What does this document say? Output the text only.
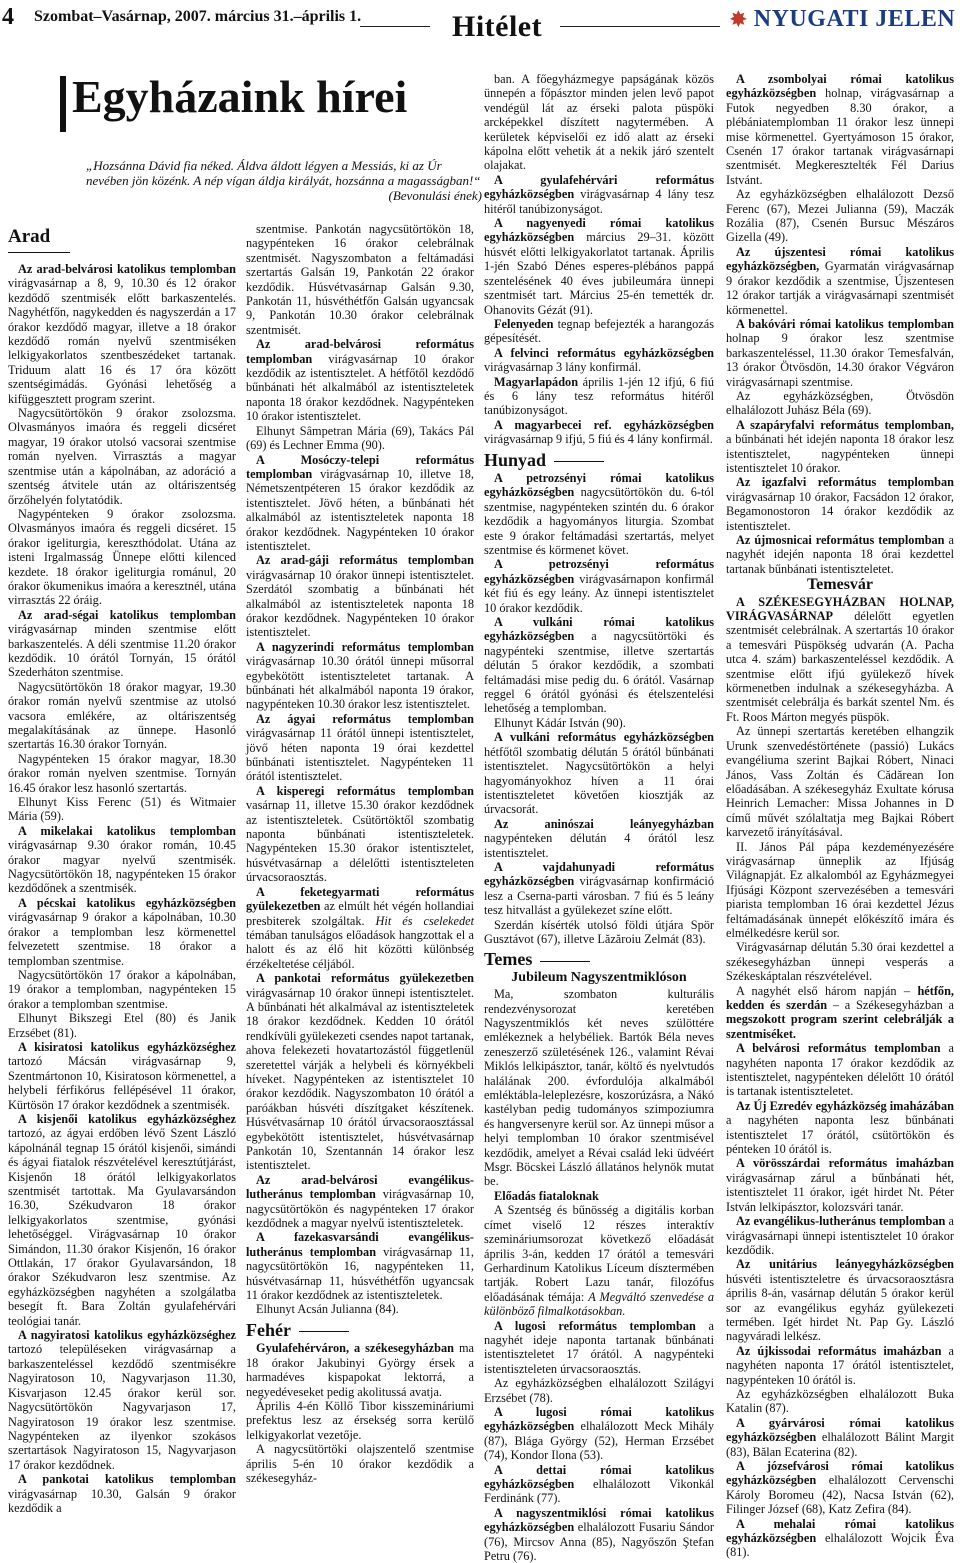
4 Szombat–Vasárnap, 2007. március 31.–április 1.	Hitélet	✸ NYUGATI JELEN
Egyházaink hírei
„Hozsánna Dávid fia néked. Áldva áldott légyen a Messiás, ki az Úr nevében jön közénk. A nép vígan áldja királyát, hozsánna a magasságban!“
(Bevonulási ének)
Arad

Az arad-belvárosi katolikus templomban virágvasárnap a 8, 9, 10.30 és 12 órakor kezdődő szentmisék előtt barkaszentelés. Nagyhétfőn, nagykedden és nagyszerdán a 17 órakor kezdődő magyar, illetve a 18 órakor kezdődő román nyelvű szentmiséken lelkigyakorlatos szentbeszédeket tartanak. Triduum alatt 16 és 17 óra között szentségimádás. Gyónási lehetőség a kifüggesztett program szerint.

Nagycsütörtökön 9 órakor zsolozsma. Olvasmányos imaóra és reggeli dicséret magyar, 19 órakor utolsó vacsorai szentmise román nyelven. Virrasztás a magyar szentmise után a kápolnában, az adoráció a szentség átvitele után az oltáriszentség őrzőhelyén folytatódik.

Nagypénteken 9 órakor zsolozsma. Olvasmányos imaóra és reggeli dicséret. 15 órakor igeliturgia, kereszthódolat. Utána az isteni Irgalmasság Ünnepe előtti kilenced kezdete. 18 órakor igeliturgia románul, 20 órakor ökumenikus imaóra a keresztnél, utána virrasztás 22 óráig.

Az arad-ségai katolikus templomban virágvasárnap minden szentmise előtt barkaszentelés. A déli szentmise 11.20 órakor kezdődik. 10 órától Tornyán, 15 órától Szederháton szentmise.

Nagycsütörtökön 18 órakor magyar, 19.30 órakor román nyelvű szentmise az utolsó vacsora emlékére, az oltáriszentség megalakításának az ünnepe. Hasonló szertartás 16.30 órakor Tornyán.

Nagypénteken 15 órakor magyar, 18.30 órakor román nyelven szentmise. Tornyán 16.45 órakor lesz hasonló szertartás.

Elhunyt Kiss Ferenc (51) és Witmaier Mária (59).

A mikelakai katolikus templomban virágvasárnap 9.30 órakor román, 10.45 órakor magyar nyelvű szentmisék. Nagycsütörtökön 18, nagypénteken 15 órakor kezdődőnek a szentmisék.

A pécskai katolikus egyházközségben virágvasárnap 9 órakor a kápolnában, 10.30 órakor a templomban lesz körmenettel felvezetett szentmise. 18 órakor a templomban szentmise.

Nagycsütörtökön 17 órakor a kápolnában, 19 órakor a templomban, nagypénteken 15 órakor a templomban szentmise.

Elhunyt Bikszegi Etel (80) és Janik Erzsébet (81).

A kisiratosi katolikus egyházközséghez tartozó Mácsán virágvasárnap 9, Szentmártonon 10, Kisiratoson körmenettel, a helybeli férfikórus fellépésével 11 órakor, Kürtösön 17 órakor kezdődnek a szentmisék.

A kisjenői katolikus egyházközséghez tartozó, az ágyai erdőben lévő Szent László kápolnánál tegnap 15 órától kisjenői, simándi és ágyai fiatalok részvételével keresztútjárást, Kisjenőn 18 órától lelkigyakorlatos szentmisét tartottak. Ma Gyulavarsándon 16.30, Székudvaron 18 órakor lelkigyakorlatos szentmise, gyónási lehetőséggel. Virágvasárnap 10 órakor Simándon, 11.30 órakor Kisjenőn, 16 órakor Ottlakán, 17 órakor Gyulavarsándon, 18 órakor Székudvaron lesz szentmise. Az egyházközségben nagyhéten a szolgálatba besegít ft. Bara Zoltán gyulafehérvári teológiai tanár.

A nagyiratosi katolikus egyházközséghez tartozó településeken virágvasárnap a barkaszenteléssel kezdődő szentmisékre Nagyiratoson 10, Nagyvarjason 11.30, Kisvarjason 12.45 órakor kerül sor. Nagycsütörtökön Nagyvarjason 17, Nagyiratoson 19 órakor lesz szentmise. Nagypénteken az ilyenkor szokásos szertartások Nagyiratoson 15, Nagyvarjason 17 órakor kezdődnek.

A pankotai katolikus templomban virágvasárnap 10.30, Galsán 9 órakor kezdődik a

szentmise. Pankotán nagycsütörtökön 18, nagypénteken 16 órakor celebrálnak szentmisét. Nagyszombaton a feltámadási szertartás Galsán 19, Pankotán 22 órakor kezdődik. Húsvétvasárnap Galsán 9.30, Pankotán 11, húsvéthétfőn Galsán ugyancsak 9, Pankotán 10.30 órakor celebrálnak szentmisét.

Az arad-belvárosi református templomban virágvasárnap 10 órakor kezdődik az istentisztelet. A hétfőtől kezdődő bűnbánati hét alkalmából az istentiszteletek naponta 18 órakor kezdődnek. Nagypénteken 10 órakor istentisztelet.

Elhunyt Sâmpetran Mária (69), Takács Pál (69) és Lechner Emma (90).

A Mosóczy-telepi református templomban virágvasárnap 10, illetve 18, Németszentpéteren 15 órakor kezdődik az istentisztelet. Jövő héten, a bűnbánati hét alkalmából az istentiszteletek naponta 18 órakor kezdődnek. Nagypénteken 10 órakor istentisztelet.

Az arad-gáji református templomban virágvasárnap 10 órakor ünnepi istentisztelet. Szerdától szombatig a bűnbánati hét alkalmából az istentiszteletek naponta 18 órakor kezdődnek. Nagypénteken 10 órakor istentisztelet.

A nagyzerindi református templomban virágvasárnap 10.30 órától ünnepi műsorral egybekötött istentiszteletet tartanak. A bűnbánati hét alkalmából naponta 19 órakor, nagypénteken 10.30 órakor lesz istentisztelet.

Az ágyai református templomban virágvasárnap 11 órától ünnepi istentisztelet, jövő héten naponta 19 órai kezdettel bűnbánati istentisztelet. Nagypénteken 11 órától istentisztelet.

A kisperegi református templomban vasárnap 11, illetve 15.30 órakor kezdődnek az istentiszteletek. Csütörtöktől szombatig naponta bűnbánati istentiszteletek. Nagypénteken 15.30 órakor istentisztelet, húsvétvasárnap a délelőtti istentiszteleten úrvacsoraosztás.

A feketegyarmati református gyülekezetben az elmúlt hét végén hollandiai presbiterek szolgáltak. Hit és cselekedet témában tanulságos előadások hangzottak el a halott és az élő hit közötti különbség érzékeltetése céljából.

A pankotai református gyülekezetben virágvasárnap 10 órakor ünnepi istentisztelet. A bűnbánati hét alkalmával az istentiszteletek 18 órakor kezdődnek. Kedden 10 órától rendkívüli gyülekezeti csendes napot tartanak, ahova felekezeti hovatartozástól függetlenül szeretettel várják a helybeli és környékbeli híveket. Nagypénteken az istentisztelet 10 órakor kezdődik. Nagyszombaton 10 órától a paróákban húsvéti díszítgaket készítenek. Húsvétvasárnap 10 órától úrvacsoraosztással egybekötött istentisztelet, húsvétvasárnap Pankotán 10, Szentannán 14 órakor lesz istentisztelet.

Az arad-belvárosi evangélikus-lutheránus templomban virágvasárnap 10, nagycsütörtökön és nagypénteken 17 órakor kezdődnek a magyar nyelvű istentiszteletek.

A fazekasvarsándi evangélikus-lutheránus templomban virágvasárnap 11, nagycsütörtökön 16, nagypénteken 11, húsvétvasárnap 11, húsvéthétfőn ugyancsak 11 órakor kezdődnek az istentiszteletek.

Elhunyt Acsán Julianna (84).

Fehér

Gyulafehérváron, a székesegyházban ma 18 órakor Jakubinyi György érsek a harmadéves kispapokat lektorrá, a negyedéveseket pedig akolitussá avatja.

Április 4-én Köllő Tibor kisszemináriumi prefektus lesz az érsekség sorra kerülő lelkigyakorlat vezetője.

A nagycsütörtöki olajszentelő szentmise április 5-én 10 órakor kezdődik a székesegyház-

ban. A főegyházmegye papságának közös ünnepén a főpásztor minden jelen levő papot vendégül lát az érseki palota püspöki arcképekkel díszített nagytermében. A kerületek képviselői ez idő alatt az érseki kápolna előtt vehetik át a nekik járó szentelt olajakat.

A gyulafehérvári református egyházközségben virágvasárnap 4 lány tesz hitéről tanúbizonyságot.

A nagyenyedi római katolikus egyházközségben március 29–31. között húsvét előtti lelkigyakorlatot tartanak. Április 1-jén Szabó Dénes esperes-plébános pappá szentelésének 40 éves jubileumára ünnepi szentmisét tart. Március 25-én temették dr. Ohanovits Gézát (91).

Felenyeden tegnap befejezték a harangozás gépesítését.

A felvinci református egyházközségben virágvasárnap 3 lány konfirmál.

Magyarlapádon április 1-jén 12 ifjú, 6 fiú és 6 lány tesz református hitéről tanúbizonyságot.

A magyarbecei ref. egyházközségben virágvasárnap 9 ifjú, 5 fiú és 4 lány konfirmál.

Hunyad

A petrozsényi római katolikus egyházközségben nagycsütörtökön du. 6-tól szentmise, nagypénteken szintén du. 6 órakor kezdődik a hagyományos liturgia. Szombat este 9 órakor feltámadási szertartás, melyet szentmise és körmenet követ.

A petrozsényi református egyházközségben virágvasárnapon konfirmál két fiú és egy leány. Az ünnepi istentisztelet 10 órakor kezdődik.

A vulkáni római katolikus egyházközségben a nagycsütörtöki és nagypénteki szentmise, illetve szertartás délután 5 órakor kezdődik, a szombati feltámadási mise pedig du. 6 órától. Vasárnap reggel 6 órától gyónási és ételszentelési lehetőség a templomban.

Elhunyt Kádár István (90).

A vulkáni református egyházközségben hétfőtől szombatig délután 5 órától bűnbánati istentisztelet. Nagycsütörtökön a helyi hagyományokhoz híven a 11 órai istentiszteletet követően kiosztják az úrvacsorát.

Az aninószai leányegyházban nagypénteken délután 4 órától lesz istentisztelet.

A vajdahunyadi református egyházközségben virágvasárnap konfirmáció lesz a Cserna-parti városban. 7 fiú és 5 leány tesz hitvallást a gyülekezet színe előtt.

Szerdán kísérték utolsó földi útjára Spör Gusztávot (67), illetve Lăzăroiu Zelmát (83).

Temes
Jubileum Nagyszentmiklóson

Ma, szombaton kulturális rendezvénysorozat keretében Nagyszentmiklós két neves szülöttére emlékeznek a helybéliek. Bartók Béla neves zeneszerző születésének 126., valamint Révai Miklós lelkipásztor, tanár, költő és nyelvtudós halálának 200. évfordulója alkalmából emléktábla-leleplezésre, koszorúzásra, a Nákó kastélyban pedig tudományos szimpoziumra és hangversenyre kerül sor. Az ünnepi műsor a helyi templomban 10 órakor szentmisével kezdődik, amelyet a Révai család leki üdvéért Msgr. Böcskei László állatános helynök mutat be.

Előadás fiataloknak

A Szentség és bűnösség a digitális korban címet viselő 12 részes interaktív szemináriumsorozat következő előadását április 3-án, kedden 17 órától a temesvári Gerhardinum Katolikus Líceum dísztermében tartják. Robert Lazu tanár, filozófus előadásának témája: A Megváltó szenvedése a különböző filmalkotásokban.

A lugosi református templomban a nagyhét ideje naponta tartanak bűnbánati istentiszteletet 17 órától. A nagypénteki istentiszteleten úrvacsoraosztás.

Az egyházközségben elhalálozott Szilágyi Erzsébet (78).

A lugosi római katolikus egyházközségben elhalálozott Meck Mihály (87), Blága György (52), Herman Erzsébet (74), Kondor Ilona (53).

A dettai római katolikus egyházközségben elhalálozott Vikonkál Ferdinánk (77).

A nagyszentmiklósi római katolikus egyházközségben elhalálozott Fusariu Sándor (76), Mircsov Anna (85), Nagyőszőn Ştefan Petru (76).

A zsombolyai római katolikus egyházközségben holnap, virágvasárnap a Futok negyedben 8.30 órakor, a plébániatemplomban 11 órakor lesz ünnepi mise körmenettel. Gyertyámoson 15 órakor, Csenén 17 órakor tartanak virágvasárnapi szentmisét. Megkeresztelték Fél Darius Istvánt.

Az egyházközségben elhalálozott Dezső Ferenc (67), Mezei Julianna (59), Maczák Rozália (87), Csenén Bursuc Mészáros Gizella (49).

Az újszentesi római katolikus egyházközségben, Gyarmatán virágvasárnap 9 órakor kezdődik a szentmise, Újszentesen 12 órakor tartják a virágvasárnapi szentmisét körmenettel.

A bakóvári római katolikus templomban holnap 9 órakor lesz szentmise barkaszenteléssel, 11.30 órakor Temesfalván, 13 órakor Ötvösdön, 14.30 órakor Végváron virágvasárnapi szentmise.

Az egyházközségben, Ötvösdön elhalálozott Juhász Béla (69).

A szapáryfalvi református templomban, a bűnbánati hét idején naponta 18 órakor lesz istentisztelet, nagypénteken ünnepi istentisztelet 10 órakor.

Az igazfalvi református templomban virágvasárnap 10 órakor, Facsádon 12 órakor, Begamonostoron 14 órakor kezdődik az istentisztelet.

Az újmosnicai református templomban a nagyhét idején naponta 18 órai kezdettel tartanak bűnbánati istentiszteletet.

Temesvár

A SZÉKESEGYHÁZBAN HOLNAP, VIRÁGVASÁRNAP délelőtt egyetlen szentmisét celebrálnak. A szertartás 10 órakor a temesvári Püspökség udvarán (A. Pacha utca 4. szám) barkaszenteléssel kezdődik. A szentmise előtt ifjú gyülekező hívek körmenetben indulnak a székesegyházba. A szentmisét celebrálja és barkát szentel Nm. és Ft. Roos Márton megyés püspök.

Az ünnepi szertartás keretében elhangzik Urunk szenvedéstörténete (passió) Lukács evangéliuma szerint Bajkai Róbert, Ninaci János, Vass Zoltán és Cădărean Ion előadásában. A székesegyház Exultate kórusa Heinrich Lemacher: Missa Johannes in D című művét szólaltatja meg Bajkai Róbert karvezető irányításával.

II. János Pál pápa kezdeményezésére virágvasárnap ünneplik az Ifjúság Világnapját. Ez alkalomból az Egyházmegyei Ifjúsági Központ szervezésében a temesvári piarista templomban 16 órai kezdettel Jézus feltámadásának ünnepét előkészítő imára és elmélkedésre kerül sor.

Virágvasárnap délután 5.30 órai kezdettel a székesegyházban ünnepi vesperás a Székeskáptalan részvételével.

A nagyhét első három napján – hétfőn, kedden és szerdán – a Székesegyházban a megszokott program szerint celebrálják a szentmiséket.

A belvárosi református templomban a nagyhéten naponta 17 órakor kezdődik az istentisztelet, nagypénteken délelőtt 10 órától is tartanak istentiszteletet.

Az Új Ezredév egyházközség imaházában a nagyhéten naponta lesz bűnbánati istentisztelet 17 órától, csütörtökön és pénteken 10 órától is.

A vörösszárdai református imaházban virágvasárnap zárul a bűnbánati hét, istentisztelet 11 órakor, igét hirdet Nt. Péter István lelkipásztor, kolozsvári tanár.

Az evangélikus-lutheránus templomban a virágvasárnapi ünnepi istentisztelet 10 órakor kezdődik.

Az unitárius leányegyházközségben húsvéti istentiszteletre és úrvacsoraosztásra április 8-án, vasárnap délután 5 órakor kerül sor az evangélikus egyház gyülekezeti termében. Igét hirdet Nt. Pap Gy. László nagyváradi lelkész.

Az újkissodai református imaházban a nagyhéten naponta 17 órától istentisztelet, nagypénteken 10 órától is.

Az egyházközségben elhalálozott Buka Katalin (87).

A gyárvárosi római katolikus egyházközségben elhalálozott Bálint Margit (83), Bălan Ecaterina (82).

A józsefvárosi római katolikus egyházközségben elhalálozott Cervenschi Károly Boromeu (42), Nacsa István (62), Filinger József (68), Katz Zefira (84).

A mehalai római katolikus egyházközségben elhalálozott Wojcik Éva (81).
